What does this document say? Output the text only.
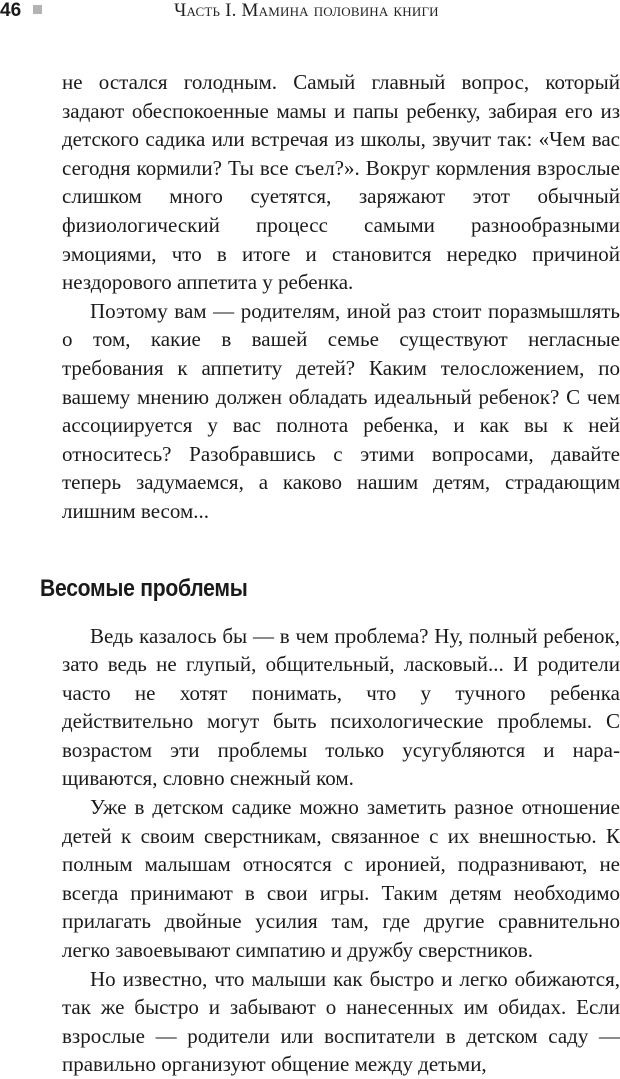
46	Часть I. Мамина половина книги

не остался голодным. Самый главный вопрос, который задают обеспокоенные мамы и папы ребенку, забирая его из детского садика или встречая из школы, звучит так: «Чем вас сегодня кормили? Ты все съел?». Вокруг кормления взрослые слишком много суетятся, заряжают этот обычный физиологический процесс самыми разнообразными эмоциями, что в итоге и становится нередко причиной нездорового аппетита у ребенка.

Поэтому вам — родителям, иной раз стоит поразмышлять о том, какие в вашей семье существуют негласные требования к аппетиту детей? Каким телосложением, по вашему мнению должен обладать идеальный ребенок? С чем ассоциируется у вас полнота ребенка, и как вы к ней относитесь? Разобравшись с этими вопросами, давайте теперь задумаемся, а каково нашим детям, страдающим лишним весом...

Весомые проблемы

Ведь казалось бы — в чем проблема? Ну, полный ребенок, зато ведь не глупый, общительный, ласковый... И родители часто не хотят понимать, что у тучного ребенка действительно могут быть психологические проблемы. С возрастом эти проблемы только усугубляются и наращиваются, словно снежный ком.

Уже в детском садике можно заметить разное отношение детей к своим сверстникам, связанное с их внешностью. К полным малышам относятся с иронией, подразнивают, не всегда принимают в свои игры. Таким детям необходимо прилагать двойные усилия там, где другие сравнительно легко завоевывают симпатию и дружбу сверстников.

Но известно, что малыши как быстро и легко обижаются, так же быстро и забывают о нанесенных им обидах. Если взрослые — родители или воспитатели в детском саду — правильно организуют общение между детьми,
